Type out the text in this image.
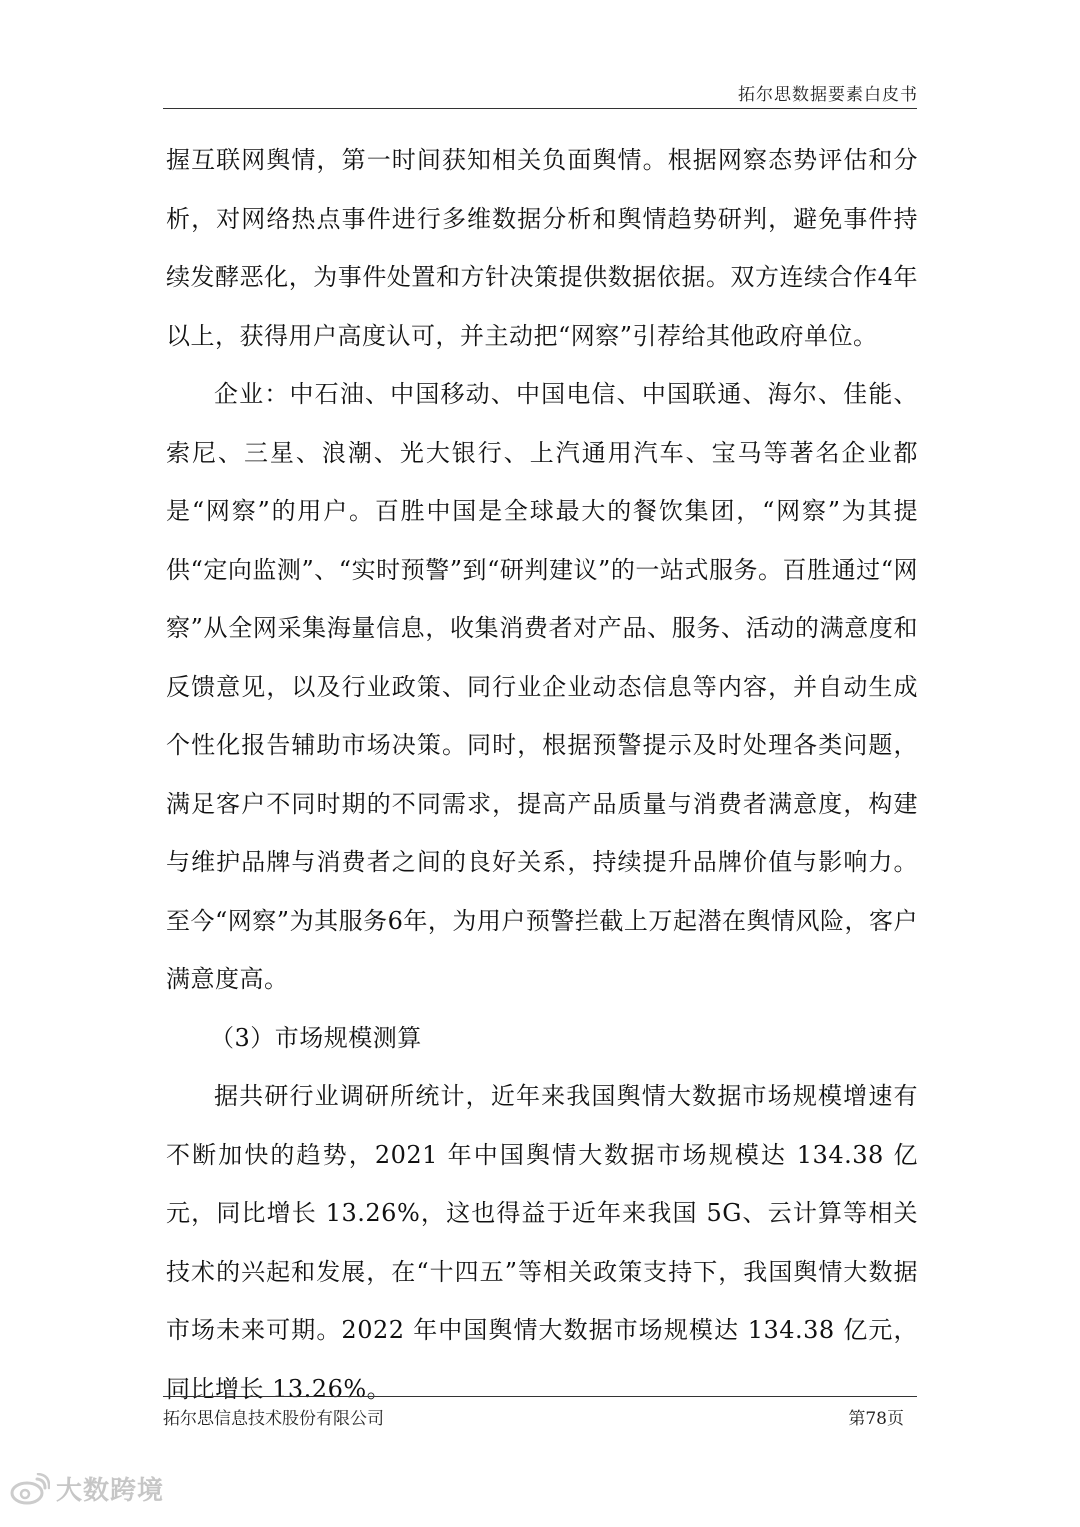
拓尔思数据要素白皮书

握互联网舆情，第一时间获知相关负面舆情。根据网察态势评估和分析，对网络热点事件进行多维数据分析和舆情趋势研判，避免事件持续发酵恶化，为事件处置和方针决策提供数据依据。双方连续合作4年以上，获得用户高度认可，并主动把“网察”引荐给其他政府单位。

企业：中石油、中国移动、中国电信、中国联通、海尔、佳能、索尼、三星、浪潮、光大银行、上汽通用汽车、宝马等著名企业都是“网察”的用户。百胜中国是全球最大的餐饮集团，“网察”为其提供“定向监测”、“实时预警”到“研判建议”的一站式服务。百胜通过“网察”从全网采集海量信息，收集消费者对产品、服务、活动的满意度和反馈意见，以及行业政策、同行业企业动态信息等内容，并自动生成个性化报告辅助市场决策。同时，根据预警提示及时处理各类问题，满足客户不同时期的不同需求，提高产品质量与消费者满意度，构建与维护品牌与消费者之间的良好关系，持续提升品牌价值与影响力。至今“网察”为其服务6年，为用户预警拦截上万起潜在舆情风险，客户满意度高。

（3）市场规模测算

据共研行业调研所统计，近年来我国舆情大数据市场规模增速有不断加快的趋势，2021 年中国舆情大数据市场规模达 134.38 亿元，同比增长 13.26%，这也得益于近年来我国 5G、云计算等相关技术的兴起和发展，在“十四五”等相关政策支持下，我国舆情大数据市场未来可期。2022 年中国舆情大数据市场规模达 134.38 亿元，同比增长 13.26%。

拓尔思信息技术股份有限公司	第78页
大数跨境
